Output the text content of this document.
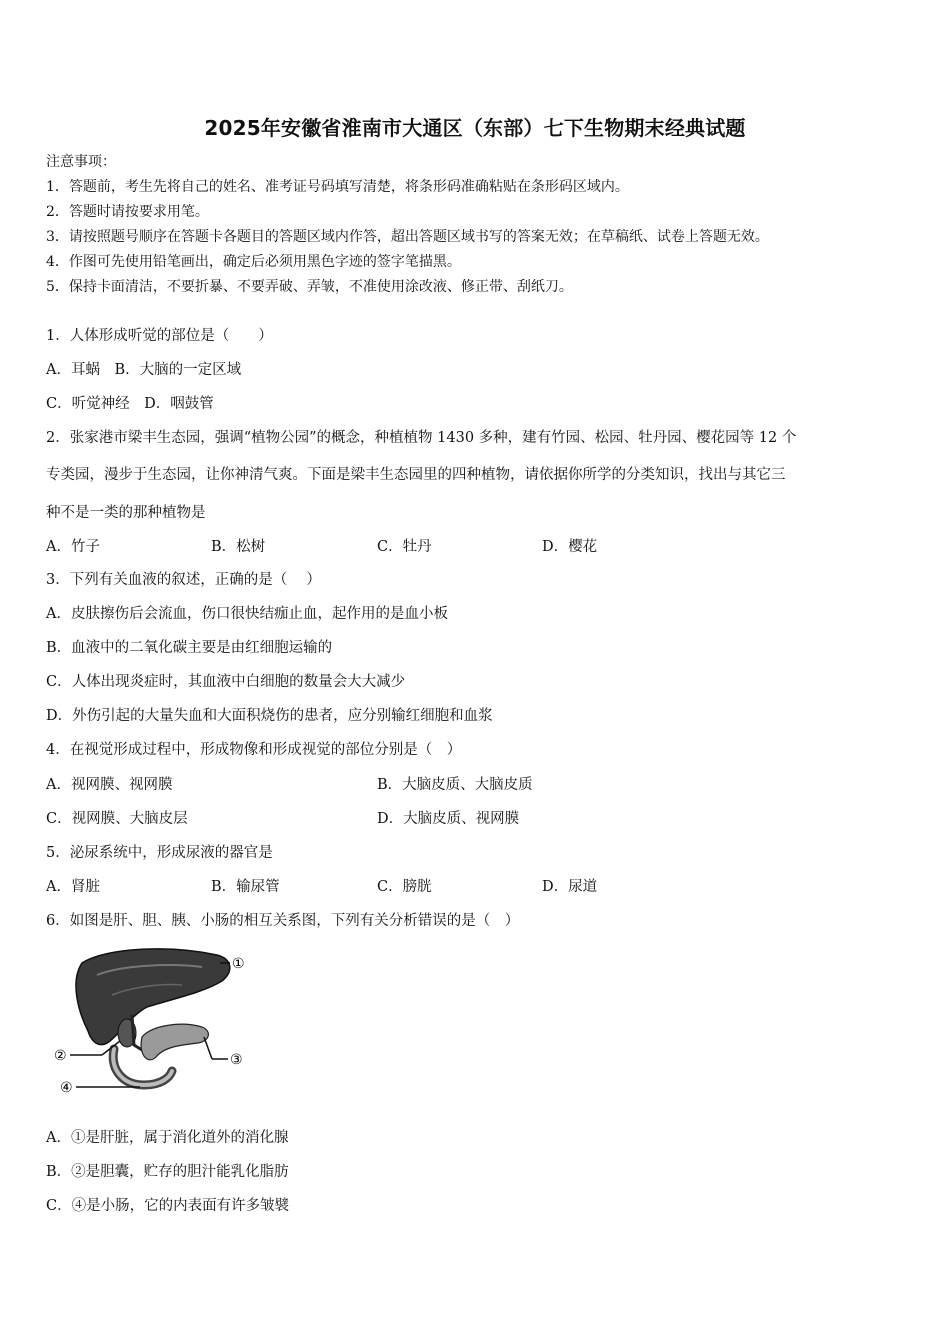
2025年安徽省淮南市大通区（东部）七下生物期末经典试题
注意事项：
1．答题前，考生先将自己的姓名、准考证号码填写清楚，将条形码准确粘贴在条形码区域内。
2．答题时请按要求用笔。
3．请按照题号顺序在答题卡各题目的答题区域内作答，超出答题区域书写的答案无效；在草稿纸、试卷上答题无效。
4．作图可先使用铅笔画出，确定后必须用黑色字迹的签字笔描黑。
5．保持卡面清洁，不要折暴、不要弄破、弄皱，不准使用涂改液、修正带、刮纸刀。
1．人体形成听觉的部位是（　　）
A．耳蜗　B．大脑的一定区域
C．听觉神经　D．咽鼓管
2．张家港市梁丰生态园，强调“植物公园”的概念，种植植物 1430 多种，建有竹园、松园、牡丹园、樱花园等 12 个
专类园，漫步于生态园，让你神清气爽。下面是梁丰生态园里的四种植物，请依据你所学的分类知识，找出与其它三
种不是一类的那种植物是
A．竹子	B．松树	C．牡丹	D．樱花
3．下列有关血液的叙述，正确的是（　 ）
A．皮肤擦伤后会流血，伤口很快结痂止血，起作用的是血小板
B．血液中的二氧化碳主要是由红细胞运输的
C．人体出现炎症时，其血液中白细胞的数量会大大减少
D．外伤引起的大量失血和大面积烧伤的患者，应分别输红细胞和血浆
4．在视觉形成过程中，形成物像和形成视觉的部位分别是（　）
A．视网膜、视网膜	B．大脑皮质、大脑皮质
C．视网膜、大脑皮层	D．大脑皮质、视网膜
5．泌尿系统中，形成尿液的器官是
A．肾脏	B．输尿管	C．膀胱	D．尿道
6．如图是肝、胆、胰、小肠的相互关系图，下列有关分析错误的是（　）
①
②	③
④
A．①是肝脏，属于消化道外的消化腺
B．②是胆囊，贮存的胆汁能乳化脂肪
C．④是小肠，它的内表面有许多皱襞
